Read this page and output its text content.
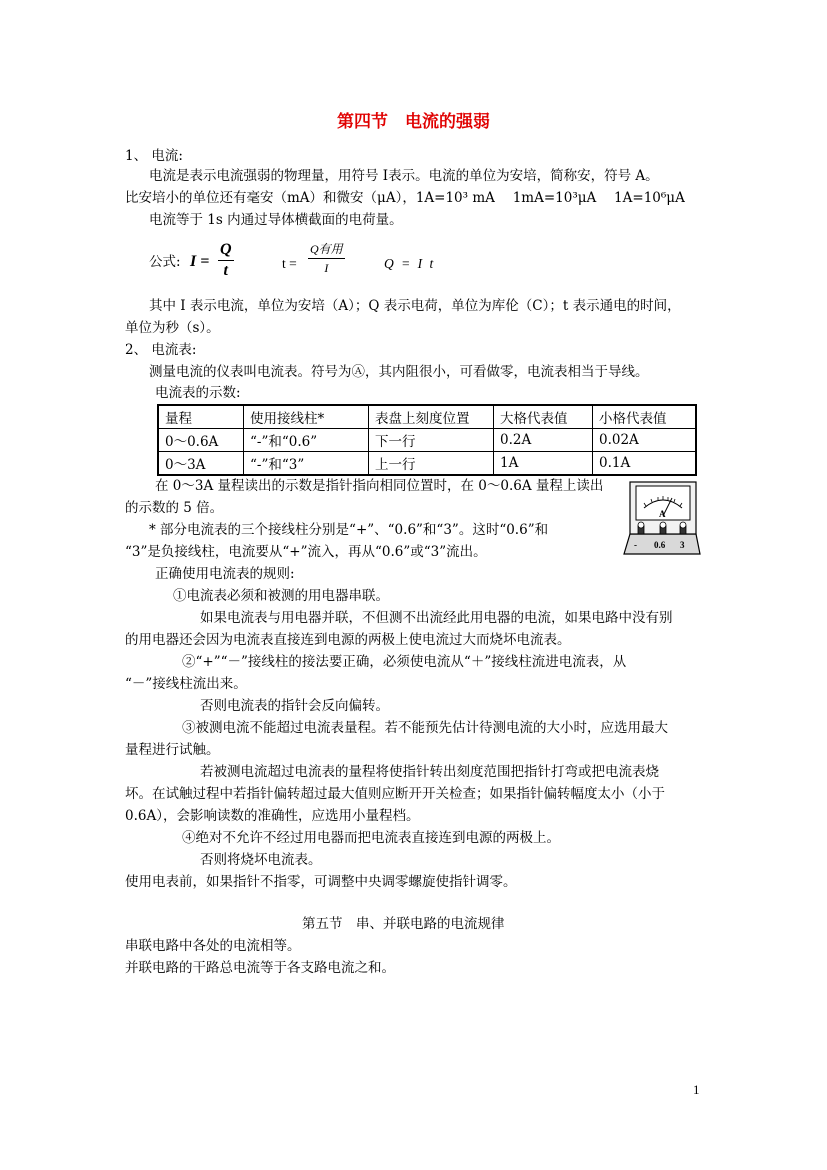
第四节　电流的强弱
1、 电流:
电流是表示电流强弱的物理量，用符号 I表示。电流的单位为安培，简称安，符号 A。
比安培小的单位还有毫安（mA）和微安（μA），1A=10³ mA　 1mA=10³μA　 1A=10⁶μA
电流等于 1s 内通过导体横截面的电荷量。
公式: $I = \frac{Q}{t}$	t =
Q有用
I	Q = I t
其中 I 表示电流，单位为安培（A）；Q 表示电荷，单位为库伦（C）；t 表示通电的时间，
单位为秒（s）。
2、 电流表:
测量电流的仪表叫电流表。符号为Ⓐ，其内阻很小，可看做零，电流表相当于导线。
电流表的示数:
量程	使用接线柱*	表盘上刻度位置	大格代表值	小格代表值
0～0.6A	“-”和“0.6”	下一行	0.2A	0.02A
0～3A	“-”和“3”	上一行	1A	0.1A
在 0～3A 量程读出的示数是指针指向相同位置时，在 0～0.6A 量程上读出
的示数的 5 倍。
* 部分电流表的三个接线柱分别是“+”、“0.6”和“3”。这时“0.6”和
“3”是负接线柱，电流要从“+”流入，再从“0.6”或“3”流出。
正确使用电流表的规则:
A
- 0.6 3
①电流表必须和被测的用电器串联。
如果电流表与用电器并联，不但测不出流经此用电器的电流，如果电路中没有别
的用电器还会因为电流表直接连到电源的两极上使电流过大而烧坏电流表。
②“+”“－”接线柱的接法要正确，必须使电流从“＋”接线柱流进电流表，从
“－”接线柱流出来。
否则电流表的指针会反向偏转。
③被测电流不能超过电流表量程。若不能预先估计待测电流的大小时，应选用最大
量程进行试触。
若被测电流超过电流表的量程将使指针转出刻度范围把指针打弯或把电流表烧
坏。在试触过程中若指针偏转超过最大值则应断开开关检查；如果指针偏转幅度太小（小于
0.6A），会影响读数的准确性，应选用小量程档。
④绝对不允许不经过用电器而把电流表直接连到电源的两极上。
否则将烧坏电流表。
使用电表前，如果指针不指零，可调整中央调零螺旋使指针调零。
第五节　串、并联电路的电流规律
串联电路中各处的电流相等。
并联电路的干路总电流等于各支路电流之和。
1
